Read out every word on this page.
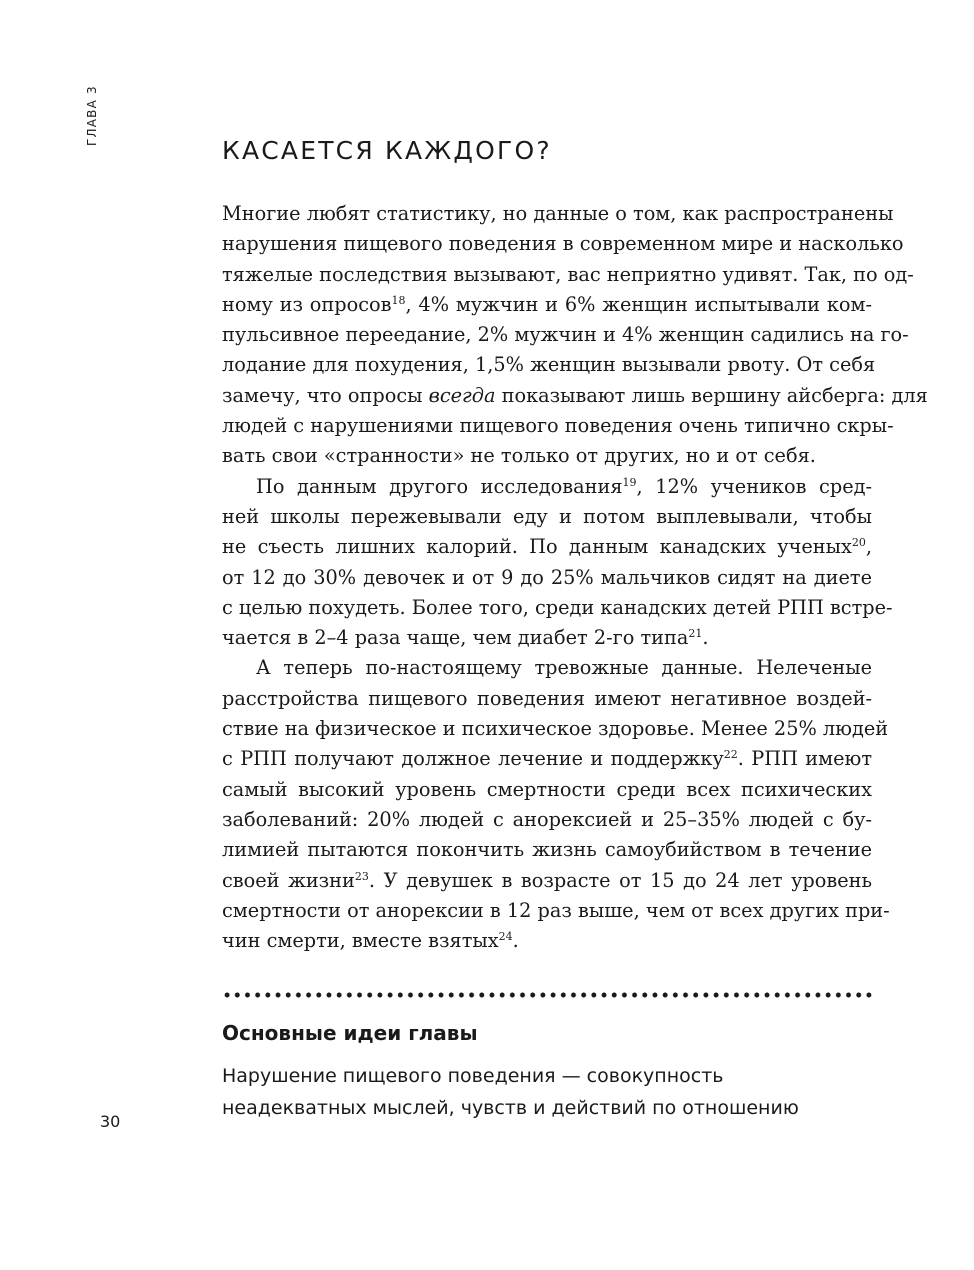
ГЛАВА 3
КАСАЕТСЯ КАЖДОГО?
Многие любят статистику, но данные о том, как распространены
нарушения пищевого поведения в современном мире и насколько
тяжелые последствия вызывают, вас неприятно удивят. Так, по од-
ному из опросов$^{18}$, 4% мужчин и 6% женщин испытывали ком-
пульсивное переедание, 2% мужчин и 4% женщин садились на го-
лодание для похудения, 1,5% женщин вызывали рвоту. От себя
замечу, что опросы всегда показывают лишь вершину айсберга: для
людей с нарушениями пищевого поведения очень типично скры-
вать свои «странности» не только от других, но и от себя.
По данным другого исследования$^{19}$, 12% учеников сред-
ней школы пережевывали еду и потом выплевывали, чтобы
не съесть лишних калорий. По данным канадских ученых$^{20}$,
от 12 до 30% девочек и от 9 до 25% мальчиков сидят на диете
с целью похудеть. Более того, среди канадских детей РПП встре-
чается в 2–4 раза чаще, чем диабет 2-го типа$^{21}$.
А теперь по-настоящему тревожные данные. Нелеченые
расстройства пищевого поведения имеют негативное воздей-
ствие на физическое и психическое здоровье. Менее 25% людей
с РПП получают должное лечение и поддержку$^{22}$. РПП имеют
самый высокий уровень смертности среди всех психических
заболеваний: 20% людей с анорексией и 25–35% людей с бу-
лимией пытаются покончить жизнь самоубийством в течение
своей жизни$^{23}$. У девушек в возрасте от 15 до 24 лет уровень
смертности от анорексии в 12 раз выше, чем от всех других при-
чин смерти, вместе взятых$^{24}$.
Основные идеи главы
Нарушение пищевого поведения — совокупность
неадекватных мыслей, чувств и действий по отношению
30
